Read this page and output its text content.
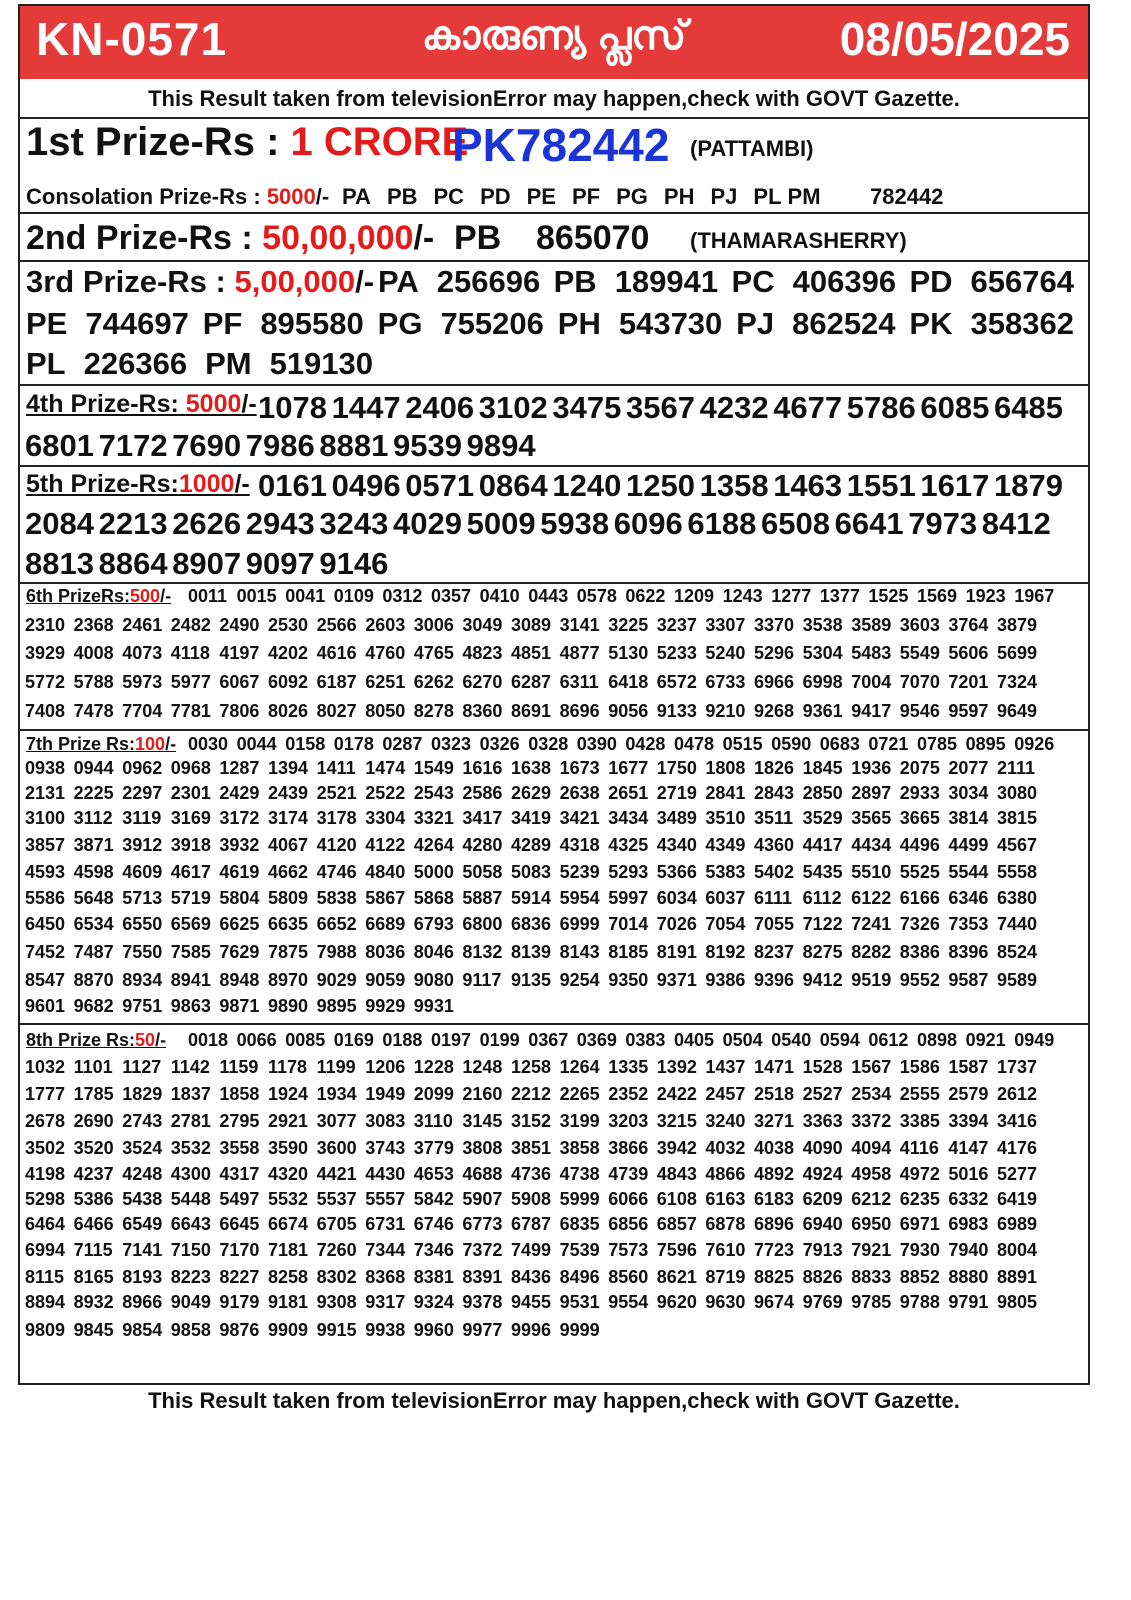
KN-0571	കാരുണ്യ പ്ലസ്	08/05/2025
This Result taken from televisionError may happen,check with GOVT Gazette.
1st Prize-Rs : 1 CRORE
PK782442 (PATTAMBI)
Consolation Prize-Rs : 5000/- PA PB PC PD PE PF PG PH PJ PL PM	782442
2nd Prize-Rs : 50,00,000/- PB	865070	(THAMARASHERRY)
3rd Prize-Rs : 5,00,000/- PA 256696 PB 189941 PC 406396 PD 656764
PE 744697 PF 895580 PG 755206 PH 543730 PJ 862524 PK 358362
PL 226366 PM 519130
4th Prize-Rs: 5000/- 1078 1447 2406 3102 3475 3567 4232 4677 5786 6085 6485
6801 7172 7690 7986 8881 9539 9894
5th Prize-Rs:1000/- 0161 0496 0571 0864 1240 1250 1358 1463 1551 1617 1879
2084 2213 2626 2943 3243 4029 5009 5938 6096 6188 6508 6641 7973 8412
8813 8864 8907 9097 9146
6th PrizeRs:500/- 0011 0015 0041 0109 0312 0357 0410 0443 0578 0622 1209 1243 1277 1377 1525 1569 1923 1967
2310 2368 2461 2482 2490 2530 2566 2603 3006 3049 3089 3141 3225 3237 3307 3370 3538 3589 3603 3764 3879
3929 4008 4073 4118 4197 4202 4616 4760 4765 4823 4851 4877 5130 5233 5240 5296 5304 5483 5549 5606 5699
5772 5788 5973 5977 6067 6092 6187 6251 6262 6270 6287 6311 6418 6572 6733 6966 6998 7004 7070 7201 7324
7408 7478 7704 7781 7806 8026 8027 8050 8278 8360 8691 8696 9056 9133 9210 9268 9361 9417 9546 9597 9649
7th Prize Rs:100/- 0030 0044 0158 0178 0287 0323 0326 0328 0390 0428 0478 0515 0590 0683 0721 0785 0895 0926
0938 0944 0962 0968 1287 1394 1411 1474 1549 1616 1638 1673 1677 1750 1808 1826 1845 1936 2075 2077 2111
2131 2225 2297 2301 2429 2439 2521 2522 2543 2586 2629 2638 2651 2719 2841 2843 2850 2897 2933 3034 3080
3100 3112 3119 3169 3172 3174 3178 3304 3321 3417 3419 3421 3434 3489 3510 3511 3529 3565 3665 3814 3815
3857 3871 3912 3918 3932 4067 4120 4122 4264 4280 4289 4318 4325 4340 4349 4360 4417 4434 4496 4499 4567
4593 4598 4609 4617 4619 4662 4746 4840 5000 5058 5083 5239 5293 5366 5383 5402 5435 5510 5525 5544 5558
5586 5648 5713 5719 5804 5809 5838 5867 5868 5887 5914 5954 5997 6034 6037 6111 6112 6122 6166 6346 6380
6450 6534 6550 6569 6625 6635 6652 6689 6793 6800 6836 6999 7014 7026 7054 7055 7122 7241 7326 7353 7440
7452 7487 7550 7585 7629 7875 7988 8036 8046 8132 8139 8143 8185 8191 8192 8237 8275 8282 8386 8396 8524
8547 8870 8934 8941 8948 8970 9029 9059 9080 9117 9135 9254 9350 9371 9386 9396 9412 9519 9552 9587 9589
9601 9682 9751 9863 9871 9890 9895 9929 9931
8th Prize Rs:50/-	0018 0066 0085 0169 0188 0197 0199 0367 0369 0383 0405 0504 0540 0594 0612 0898 0921 0949
1032 1101 1127 1142 1159 1178 1199 1206 1228 1248 1258 1264 1335 1392 1437 1471 1528 1567 1586 1587 1737
1777 1785 1829 1837 1858 1924 1934 1949 2099 2160 2212 2265 2352 2422 2457 2518 2527 2534 2555 2579 2612
2678 2690 2743 2781 2795 2921 3077 3083 3110 3145 3152 3199 3203 3215 3240 3271 3363 3372 3385 3394 3416
3502 3520 3524 3532 3558 3590 3600 3743 3779 3808 3851 3858 3866 3942 4032 4038 4090 4094 4116 4147 4176
4198 4237 4248 4300 4317 4320 4421 4430 4653 4688 4736 4738 4739 4843 4866 4892 4924 4958 4972 5016 5277
5298 5386 5438 5448 5497 5532 5537 5557 5842 5907 5908 5999 6066 6108 6163 6183 6209 6212 6235 6332 6419
6464 6466 6549 6643 6645 6674 6705 6731 6746 6773 6787 6835 6856 6857 6878 6896 6940 6950 6971 6983 6989
6994 7115 7141 7150 7170 7181 7260 7344 7346 7372 7499 7539 7573 7596 7610 7723 7913 7921 7930 7940 8004
8115 8165 8193 8223 8227 8258 8302 8368 8381 8391 8436 8496 8560 8621 8719 8825 8826 8833 8852 8880 8891
8894 8932 8966 9049 9179 9181 9308 9317 9324 9378 9455 9531 9554 9620 9630 9674 9769 9785 9788 9791 9805
9809 9845 9854 9858 9876 9909 9915 9938 9960 9977 9996 9999
This Result taken from televisionError may happen,check with GOVT Gazette.
